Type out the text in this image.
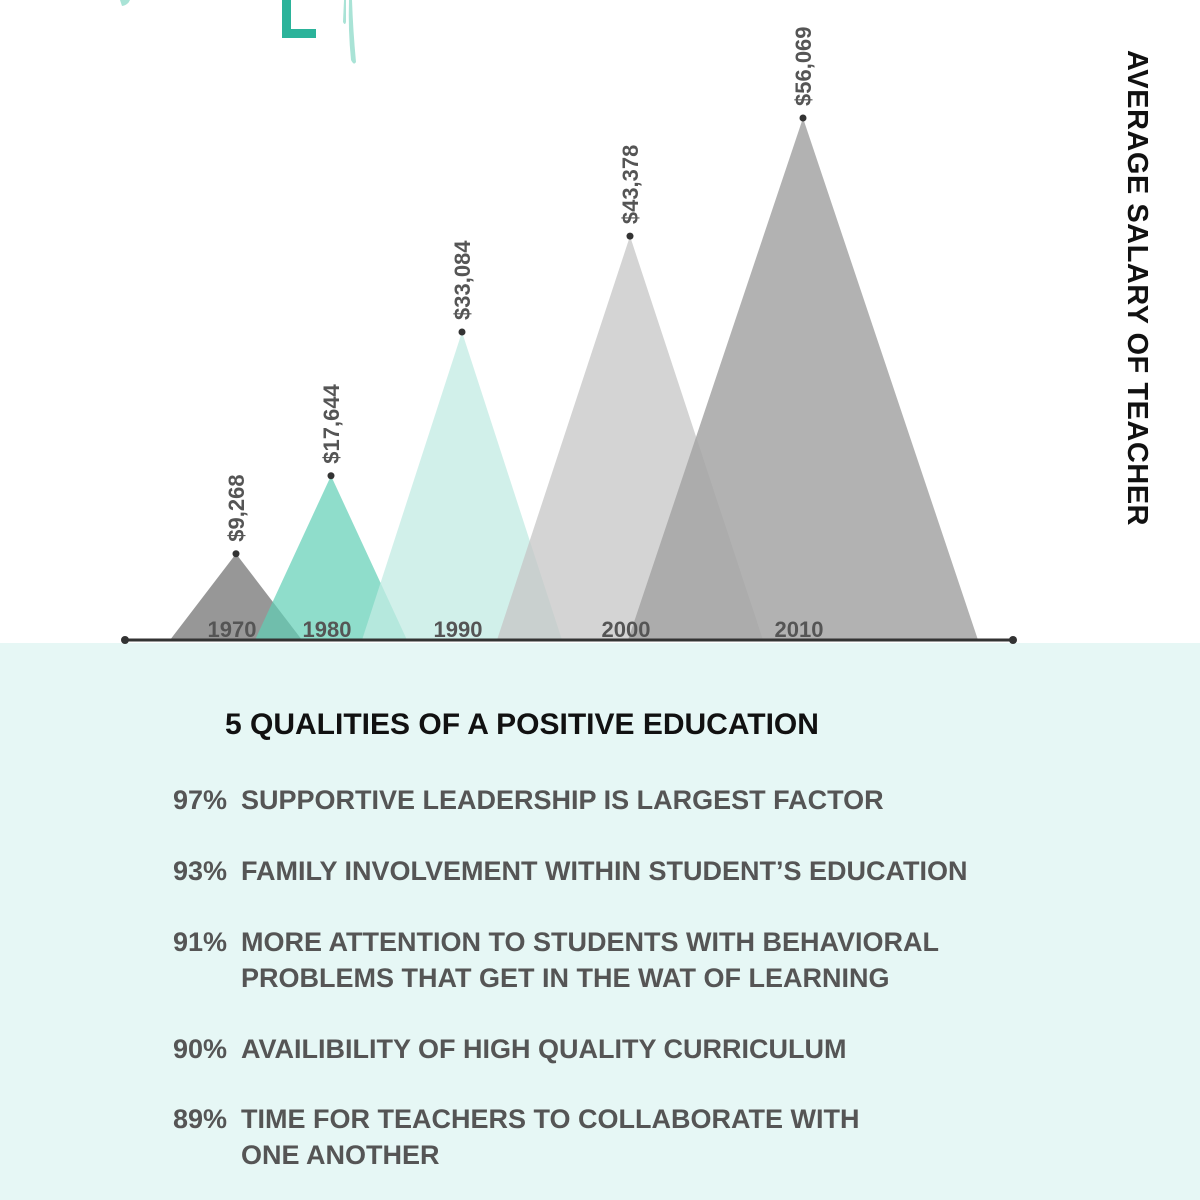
1970 1980	1990	2000	2010
$9,268
$17,644
$33,084
$43,378
$56,069	AVERAGE SALARY OF TEACHER
5 QUALITIES OF A POSITIVE EDUCATION
97% SUPPORTIVE LEADERSHIP IS LARGEST FACTOR
93% FAMILY INVOLVEMENT WITHIN STUDENT’S EDUCATION
91% MORE ATTENTION TO STUDENTS WITH BEHAVIORAL
PROBLEMS THAT GET IN THE WAT OF LEARNING
90% AVAILIBILITY OF HIGH QUALITY CURRICULUM
89% TIME FOR TEACHERS TO COLLABORATE WITH
ONE ANOTHER
